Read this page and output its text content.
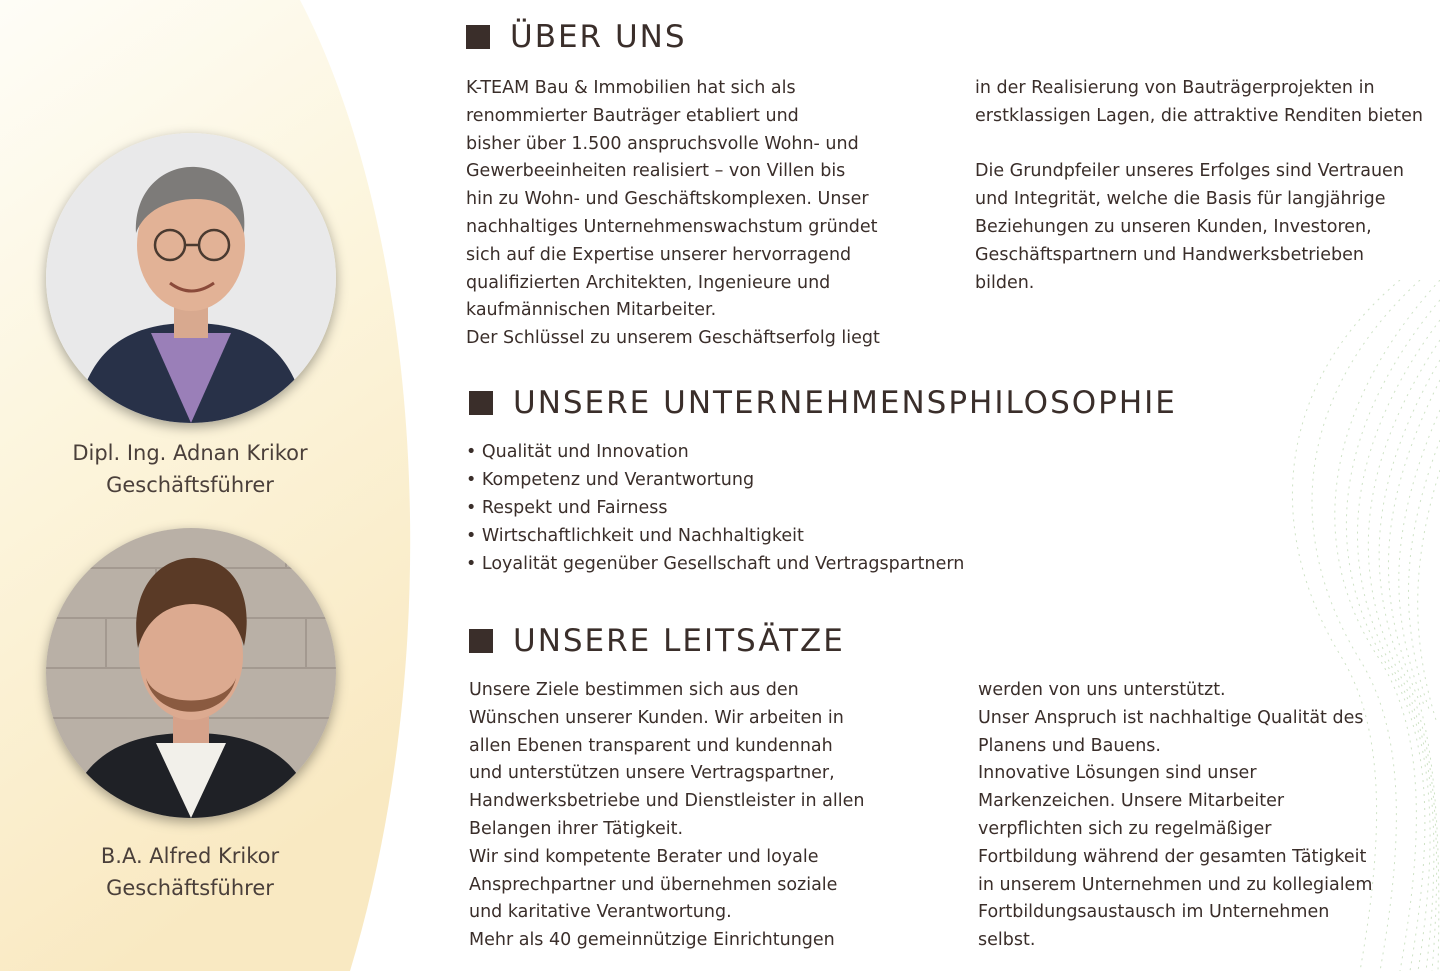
Dipl. Ing. Adnan Krikor
Geschäftsführer
B.A. Alfred Krikor
Geschäftsführer
ÜBER UNS
K-TEAM Bau & Immobilien hat sich als
renommierter Bauträger etabliert und
bisher über 1.500 anspruchsvolle Wohn- und
Gewerbeeinheiten realisiert – von Villen bis
hin zu Wohn- und Geschäftskomplexen. Unser
nachhaltiges Unternehmenswachstum gründet
sich auf die Expertise unserer hervorragend
qualifizierten Architekten, Ingenieure und
kaufmännischen Mitarbeiter.
Der Schlüssel zu unserem Geschäftserfolg liegt
in der Realisierung von Bauträgerprojekten in
erstklassigen Lagen, die attraktive Renditen bieten
Die Grundpfeiler unseres Erfolges sind Vertrauen
und Integrität, welche die Basis für langjährige
Beziehungen zu unseren Kunden, Investoren,
Geschäftspartnern und Handwerksbetrieben
bilden.
UNSERE UNTERNEHMENSPHILOSOPHIE
• Qualität und Innovation
• Kompetenz und Verantwortung
• Respekt und Fairness
• Wirtschaftlichkeit und Nachhaltigkeit
• Loyalität gegenüber Gesellschaft und Vertragspartnern
UNSERE LEITSÄTZE
Unsere Ziele bestimmen sich aus den
Wünschen unserer Kunden. Wir arbeiten in
allen Ebenen transparent und kundennah
und unterstützen unsere Vertragspartner,
Handwerksbetriebe und Dienstleister in allen
Belangen ihrer Tätigkeit.
Wir sind kompetente Berater und loyale
Ansprechpartner und übernehmen soziale
und karitative Verantwortung.
Mehr als 40 gemeinnützige Einrichtungen
werden von uns unterstützt.
Unser Anspruch ist nachhaltige Qualität des
Planens und Bauens.
Innovative Lösungen sind unser
Markenzeichen. Unsere Mitarbeiter
verpflichten sich zu regelmäßiger
Fortbildung während der gesamten Tätigkeit
in unserem Unternehmen und zu kollegialem
Fortbildungsaustausch im Unternehmen
selbst.
